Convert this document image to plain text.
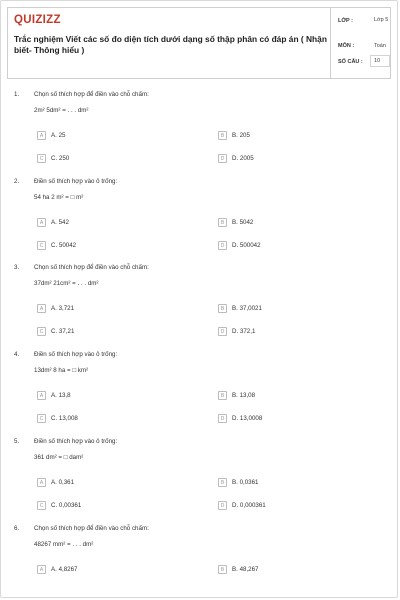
QUIZIZZ
Trắc nghiệm Viết các số đo diện tích dưới dạng số thập phân có đáp án ( Nhận biết- Thông hiểu )
LỚP :	Lớp 5
MÔN :	Toán
SỐ CÂU : 10
1. Chọn số thích hợp để điền vào chỗ chấm:
2m² 5dm² = . . . dm²
A	A. 25	B	B. 205
C	C. 250	D	D. 2005
2. Điền số thích hợp vào ô trống:
54 ha 2 m² = □ m²
A	A. 542	B	B. 5042
C	C. 50042	D	D. 500042
3. Chọn số thích hợp để điền vào chỗ chấm:
37dm² 21cm² = . . . dm²
A	A. 3,721	B	B. 37,0021
C	C. 37,21	D	D. 372,1
4. Điền số thích hợp vào ô trống:
13dm² 8 ha = □ km²
A	A. 13,8	B	B. 13,08
C	C. 13,008	D	D. 13,0008
5. Điền số thích hợp vào ô trống:
361 dm² = □ dam²
A	A. 0,361	B	B. 0,0361
C	C. 0,00361	D	D. 0,000361
6. Chọn số thích hợp để điền vào chỗ chấm:
48267 mm² = . . . dm²
A	A. 4,8267	B	B. 48,267
